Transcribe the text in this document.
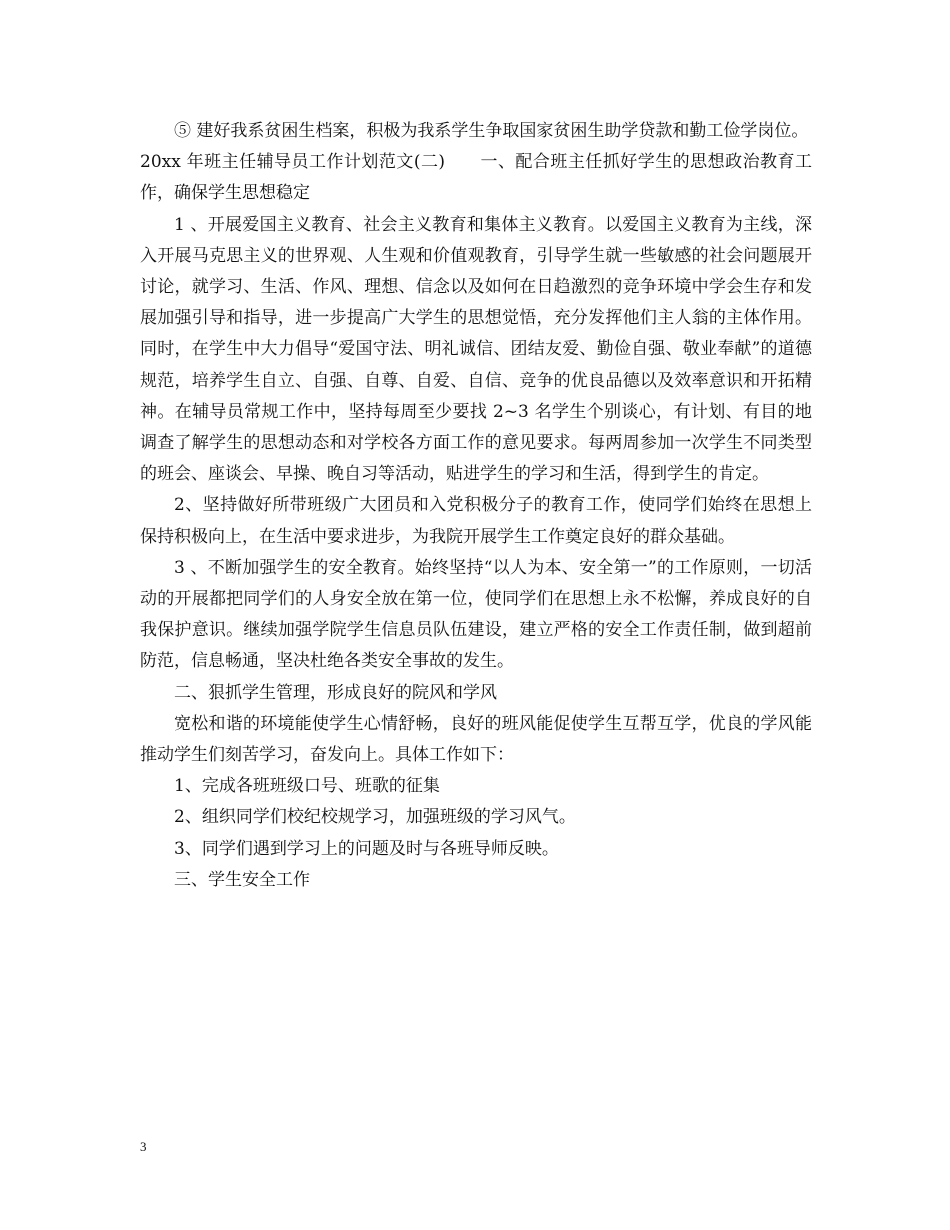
⑤ 建好我系贫困生档案，积极为我系学生争取国家贫困生助学贷款和勤工俭学岗位。

20xx 年班主任辅导员工作计划范文(二)　　一、配合班主任抓好学生的思想政治教育工作，确保学生思想稳定

1 、开展爱国主义教育、社会主义教育和集体主义教育。以爱国主义教育为主线，深入开展马克思主义的世界观、人生观和价值观教育，引导学生就一些敏感的社会问题展开讨论，就学习、生活、作风、理想、信念以及如何在日趋激烈的竞争环境中学会生存和发展加强引导和指导，进一步提高广大学生的思想觉悟，充分发挥他们主人翁的主体作用。同时，在学生中大力倡导“爱国守法、明礼诚信、团结友爱、勤俭自强、敬业奉献”的道德规范，培养学生自立、自强、自尊、自爱、自信、竞争的优良品德以及效率意识和开拓精神。在辅导员常规工作中，坚持每周至少要找 2~3 名学生个别谈心，有计划、有目的地调查了解学生的思想动态和对学校各方面工作的意见要求。每两周参加一次学生不同类型的班会、座谈会、早操、晚自习等活动，贴进学生的学习和生活，得到学生的肯定。

2、坚持做好所带班级广大团员和入党积极分子的教育工作，使同学们始终在思想上保持积极向上，在生活中要求进步，为我院开展学生工作奠定良好的群众基础。

3 、不断加强学生的安全教育。始终坚持“以人为本、安全第一”的工作原则，一切活动的开展都把同学们的人身安全放在第一位，使同学们在思想上永不松懈，养成良好的自我保护意识。继续加强学院学生信息员队伍建设，建立严格的安全工作责任制，做到超前防范，信息畅通，坚决杜绝各类安全事故的发生。

二、狠抓学生管理，形成良好的院风和学风

宽松和谐的环境能使学生心情舒畅，良好的班风能促使学生互帮互学，优良的学风能推动学生们刻苦学习，奋发向上。具体工作如下：

1、完成各班班级口号、班歌的征集

2、组织同学们校纪校规学习，加强班级的学习风气。

3、同学们遇到学习上的问题及时与各班导师反映。

三、学生安全工作

3
